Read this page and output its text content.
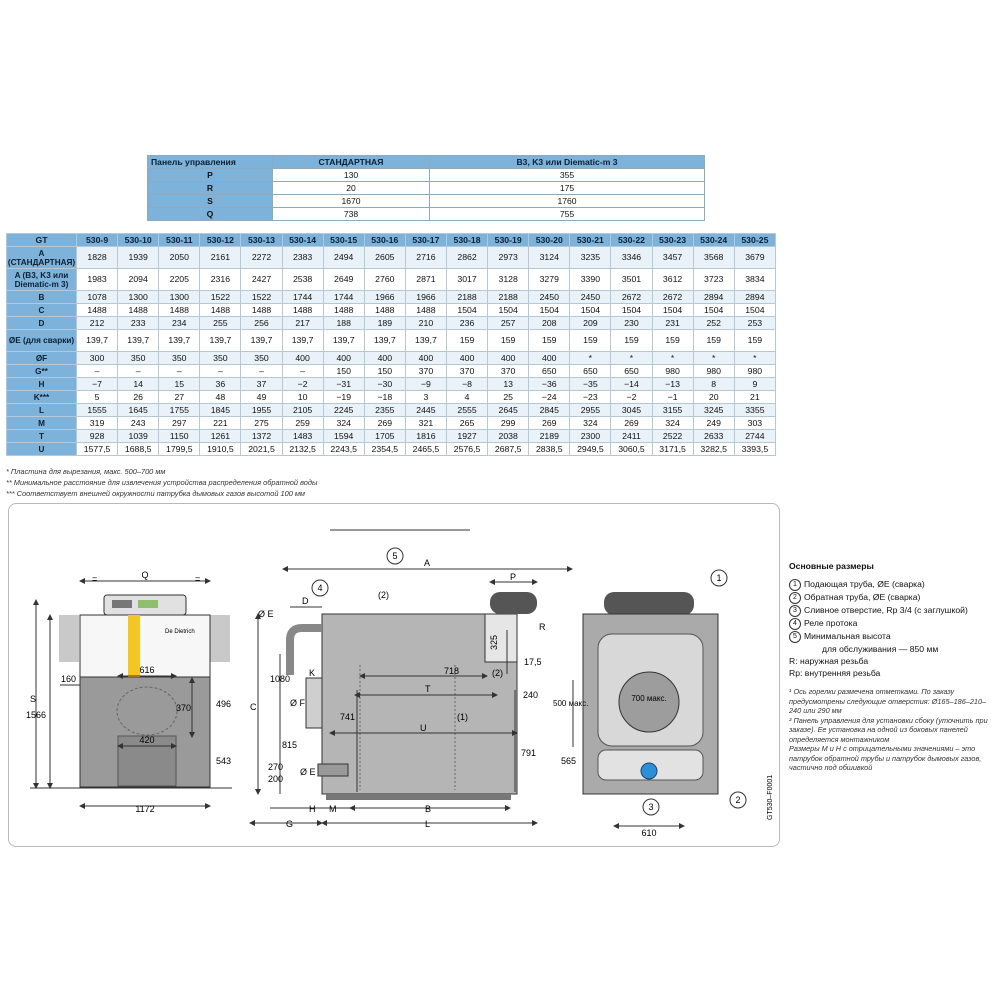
Панель управления	СТАНДАРТНАЯ	B3, K3 или Diematic-m 3
P	130	355
R	20	175
S	1670	1760
Q	738	755
GT	530-9	530-10	530-11	530-12	530-13	530-14	530-15	530-16	530-17	530-18	530-19	530-20	530-21	530-22	530-23	530-24	530-25
A (СТАНДАРТНАЯ)	1828	1939	2050	2161	2272	2383	2494	2605	2716	2862	2973	3124	3235	3346	3457	3568	3679
A (B3, K3 или Diematic-m 3)	1983	2094	2205	2316	2427	2538	2649	2760	2871	3017	3128	3279	3390	3501	3612	3723	3834
B	1078	1300	1300	1522	1522	1744	1744	1966	1966	2188	2188	2450	2450	2672	2672	2894	2894
C	1488	1488	1488	1488	1488	1488	1488	1488	1488	1504	1504	1504	1504	1504	1504	1504	1504
D	212	233	234	255	256	217	188	189	210	236	257	208	209	230	231	252	253
ØE (для сварки)	139,7	139,7	139,7	139,7	139,7	139,7	139,7	139,7	139,7	159	159	159	159	159	159	159	159
ØF	300	350	350	350	350	400	400	400	400	400	400	400	*	*	*	*	*
G**	–	–	–	–	–	–	150	150	370	370	370	650	650	650	980	980	980
H	−7	14	15	36	37	−2	−31	−30	−9	−8	13	−36	−35	−14	−13	8	9
K***	5	26	27	48	49	10	−19	−18	3	4	25	−24	−23	−2	−1	20	21
L	1555	1645	1755	1845	1955	2105	2245	2355	2445	2555	2645	2845	2955	3045	3155	3245	3355
M	319	243	297	221	275	259	324	269	321	265	299	269	324	269	324	249	303
T	928	1039	1150	1261	1372	1483	1594	1705	1816	1927	2038	2189	2300	2411	2522	2633	2744
U	1577,5	1688,5	1799,5	1910,5	2021,5	2132,5	2243,5	2354,5	2465,5	2576,5	2687,5	2838,5	2949,5	3060,5	3171,5	3282,5	3393,5
* Пластина для вырезания, макс. 500–700 мм
** Минимальное расстояние для извлечения устройства распределения обратной воды
*** Соответствует внешней окружности патрубка дымовых газов высотой 100 мм
De Dietrich
Q
=	=
S
1566
160
616
496
370
420
543
1172
A
P
Ø E
D
K
Ø F
C
1080
815
270
200
Ø E
718
T
U
(1)
(2)
(2)
741
325
17,5
240
791
R
H M	B
G	L
5
4
700 макс.
500 макс.
565
610
1
2
3	GT530–F0001
Основные размеры
1 Подающая труба, ØE (сварка)
2 Обратная труба, ØE (сварка)
3 Сливное отверстие, Rp 3/4 (с заглушкой)
4 Реле протока
5 Минимальная высота
для обслуживания — 850 мм
R: наружная резьба
Rp: внутренняя резьба
¹ Ось горелки размечена отметками. По заказу предусмотрены следующие отверстия: Ø165–186–210–240 или 290 мм
² Панель управления для установки сбоку (уточнить при заказе). Ее установка на одной из боковых панелей определяется монтажником
Размеры M и H с отрицательными значениями – это патрубок обратной трубы и патрубок дымовых газов, частично под обшивкой
